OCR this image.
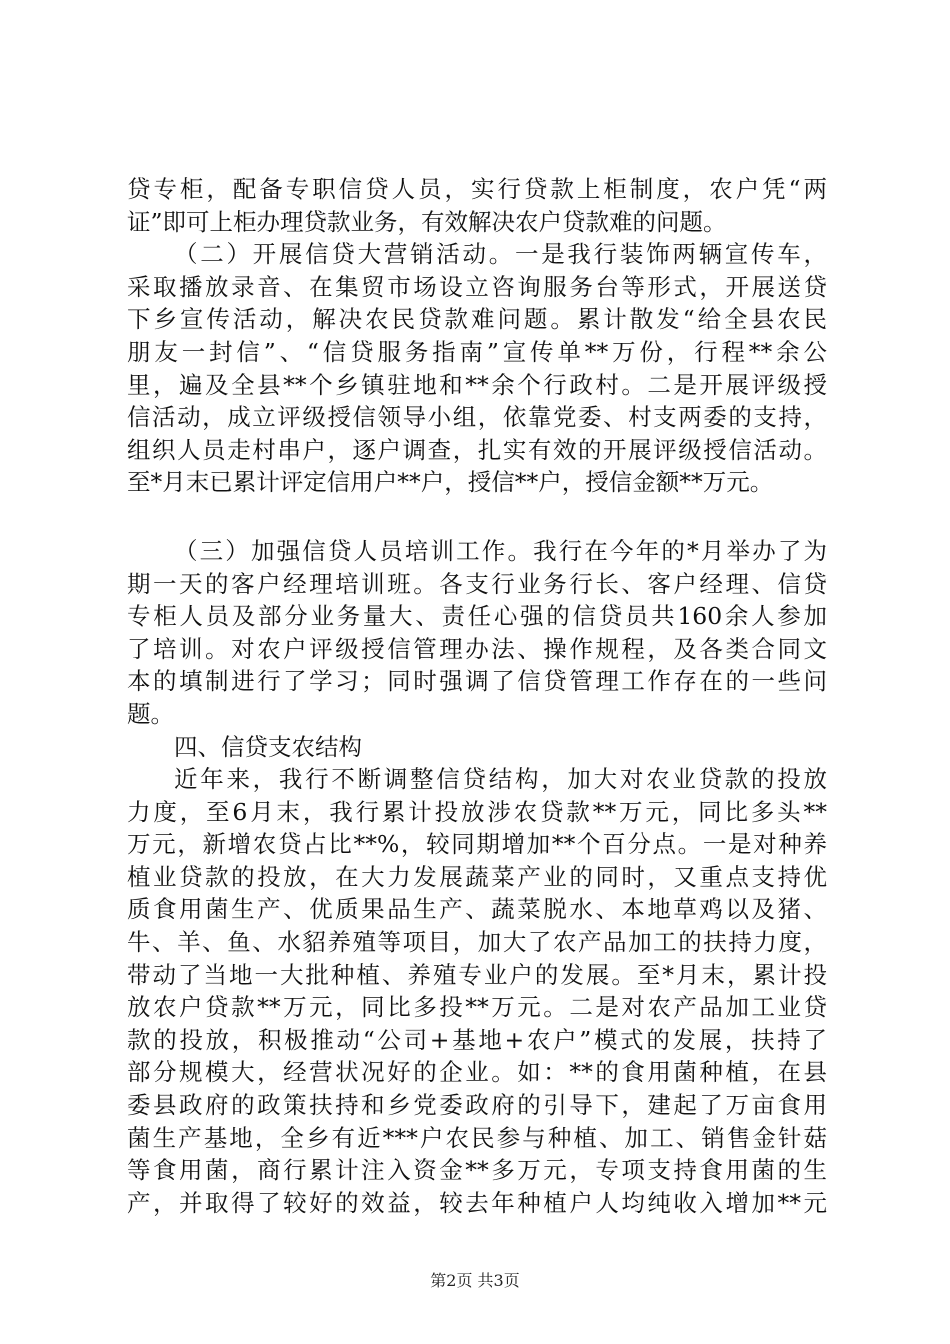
贷专柜，配备专职信贷人员，实行贷款上柜制度，农户凭“两
证”即可上柜办理贷款业务，有效解决农户贷款难的问题。
（二）开展信贷大营销活动。一是我行装饰两辆宣传车，
采取播放录音、在集贸市场设立咨询服务台等形式，开展送贷
下乡宣传活动，解决农民贷款难问题。累计散发“给全县农民
朋友一封信”、“信贷服务指南”宣传单**万份，行程**余公
里，遍及全县**个乡镇驻地和**余个行政村。二是开展评级授
信活动，成立评级授信领导小组，依靠党委、村支两委的支持，
组织人员走村串户，逐户调查，扎实有效的开展评级授信活动。
至*月末已累计评定信用户**户，授信**户，授信金额**万元。
（三）加强信贷人员培训工作。我行在今年的*月举办了为
期一天的客户经理培训班。各支行业务行长、客户经理、信贷
专柜人员及部分业务量大、责任心强的信贷员共160余人参加
了培训。对农户评级授信管理办法、操作规程，及各类合同文
本的填制进行了学习；同时强调了信贷管理工作存在的一些问
题。
四、信贷支农结构
近年来，我行不断调整信贷结构，加大对农业贷款的投放
力度，至6月末，我行累计投放涉农贷款**万元，同比多头**
万元，新增农贷占比**%，较同期增加**个百分点。一是对种养
植业贷款的投放，在大力发展蔬菜产业的同时，又重点支持优
质食用菌生产、优质果品生产、蔬菜脱水、本地草鸡以及猪、
牛、羊、鱼、水貂养殖等项目，加大了农产品加工的扶持力度，
带动了当地一大批种植、养殖专业户的发展。至*月末，累计投
放农户贷款**万元，同比多投**万元。二是对农产品加工业贷
款的投放，积极推动“公司+基地+农户”模式的发展，扶持了
部分规模大，经营状况好的企业。如：**的食用菌种植，在县
委县政府的政策扶持和乡党委政府的引导下，建起了万亩食用
菌生产基地，全乡有近***户农民参与种植、加工、销售金针菇
等食用菌，商行累计注入资金**多万元，专项支持食用菌的生
产，并取得了较好的效益，较去年种植户人均纯收入增加**元
第2页 共3页
